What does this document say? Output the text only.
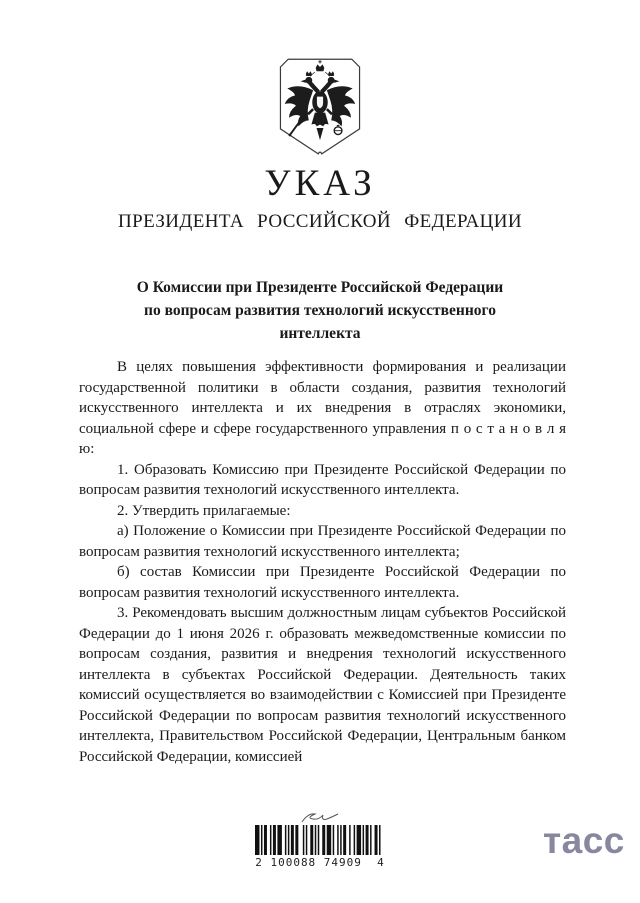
УКАЗ
ПРЕЗИДЕНТА РОССИЙСКОЙ ФЕДЕРАЦИИ
О Комиссии при Президенте Российской Федерации
по вопросам развития технологий искусственного
интеллекта

В целях повышения эффективности формирования и реализации государственной политики в области создания, развития технологий искусственного интеллекта и их внедрения в отраслях экономики, социальной сфере и сфере государственного управления п о с т а н о в л я ю:

1. Образовать Комиссию при Президенте Российской Федерации по вопросам развития технологий искусственного интеллекта.

2. Утвердить прилагаемые:

а) Положение о Комиссии при Президенте Российской Федерации по вопросам развития технологий искусственного интеллекта;

б) состав Комиссии при Президенте Российской Федерации по вопросам развития технологий искусственного интеллекта.

3. Рекомендовать высшим должностным лицам субъектов Российской Федерации до 1 июня 2026 г. образовать межведомственные комиссии по вопросам создания, развития и внедрения технологий искусственного интеллекта в субъектах Российской Федерации. Деятельность таких комиссий осуществляется во взаимодействии с Комиссией при Президенте Российской Федерации по вопросам развития технологий искусственного интеллекта, Правительством Российской Федерации, Центральным банком Российской Федерации, комиссией

2 100088 74909  4
тасс
